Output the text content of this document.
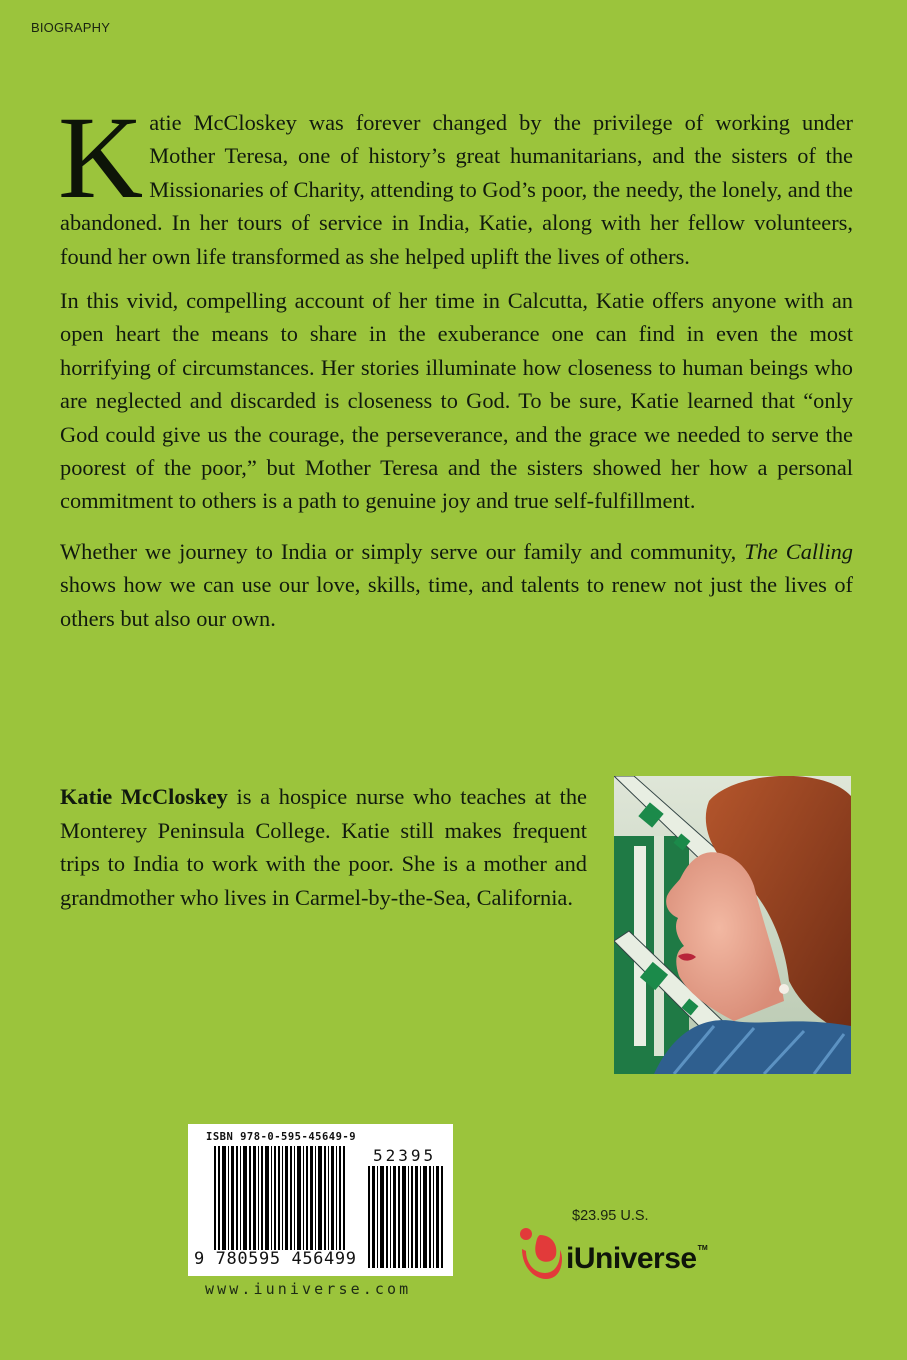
BIOGRAPHY

Katie McCloskey was forever changed by the privilege of working under Mother Teresa, one of history’s great humanitarians, and the sisters of the Missionaries of Charity, attending to God’s poor, the needy, the lonely, and the abandoned. In her tours of service in India, Katie, along with her fellow volunteers, found her own life transformed as she helped uplift the lives of others.

In this vivid, compelling account of her time in Calcutta, Katie offers anyone with an open heart the means to share in the exuberance one can find in even the most horrifying of circumstances. Her stories illuminate how closeness to human beings who are neglected and discarded is closeness to God. To be sure, Katie learned that “only God could give us the courage, the perseverance, and the grace we needed to serve the poorest of the poor,” but Mother Teresa and the sisters showed her how a personal commitment to others is a path to genuine joy and true self-fulfillment.

Whether we journey to India or simply serve our family and community, The Calling shows how we can use our love, skills, time, and talents to renew not just the lives of others but also our own.

Katie McCloskey is a hospice nurse who teaches at the Monterey Peninsula College. Katie still makes frequent trips to India to work with the poor. She is a mother and grandmother who lives in Carmel-by-the-Sea, California.
ISBN 978-0-595-45649-9
52395
9 780595 456499
www.iuniverse.com
$23.95 U.S.
iUniverse TM
